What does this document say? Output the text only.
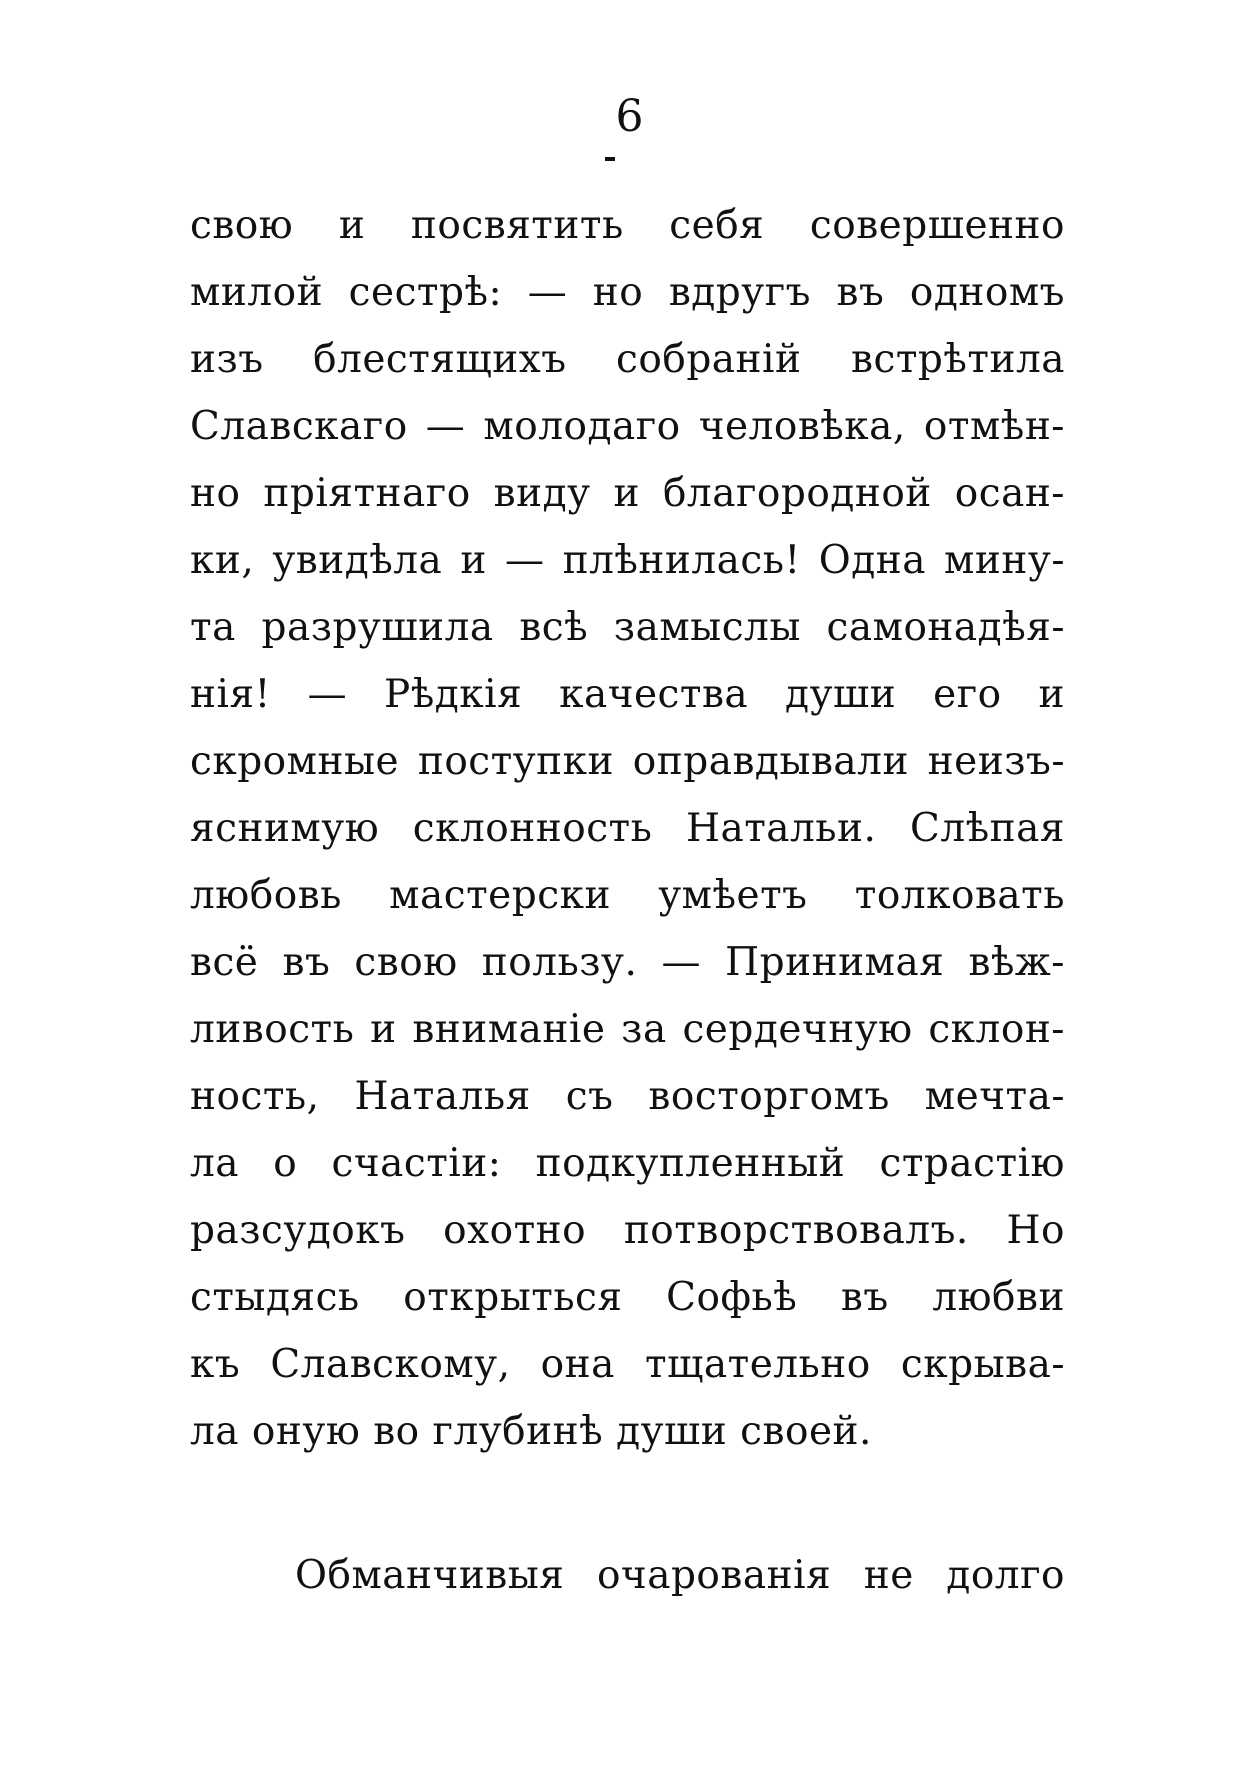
6
свою и посвятить себя совершенно
милой сестрѣ: — но вдругъ въ одномъ
изъ блестящихъ собраній встрѣтила
Славскаго — молодаго человѣка, отмѣн-
но пріятнаго виду и благородной осан-
ки, увидѣла и — плѣнилась! Одна мину-
та разрушила всѣ замыслы самонадѣя-
нія! — Рѣдкія качества души его и
скромные поступки оправдывали неизъ-
яснимую склонность Натальи. Слѣпая
любовь мастерски умѣетъ толковать
всё въ свою пользу. — Принимая вѣж-
ливость и вниманіе за сердечную склон-
ность, Наталья съ восторгомъ мечта-
ла о счастіи: подкупленный страстію
разсудокъ охотно потворствовалъ. Но
стыдясь открыться Софьѣ въ любви
къ Славскому, она тщательно скрыва-
ла оную во глубинѣ души своей.
Обманчивыя очарованія не долго
